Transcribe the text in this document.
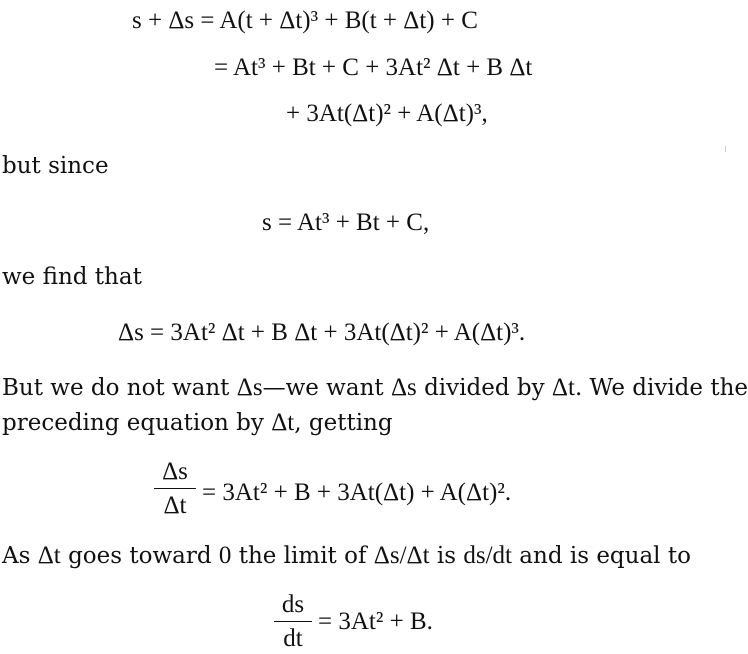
s + Δs = A(t + Δt)³ + B(t + Δt) + C
= At³ + Bt + C + 3At² Δt + B Δt
+ 3At(Δt)² + A(Δt)³,
but since
s = At³ + Bt + C,
we find that
Δs = 3At² Δt + B Δt + 3At(Δt)² + A(Δt)³.
But we do not want Δs—we want Δs divided by Δt. We divide the
preceding equation by Δt, getting
Δs
Δt = 3At² + B + 3At(Δt) + A(Δt)².
As Δt goes toward 0 the limit of Δs/Δt is ds/dt and is equal to
ds
dt
= 3At² + B.
